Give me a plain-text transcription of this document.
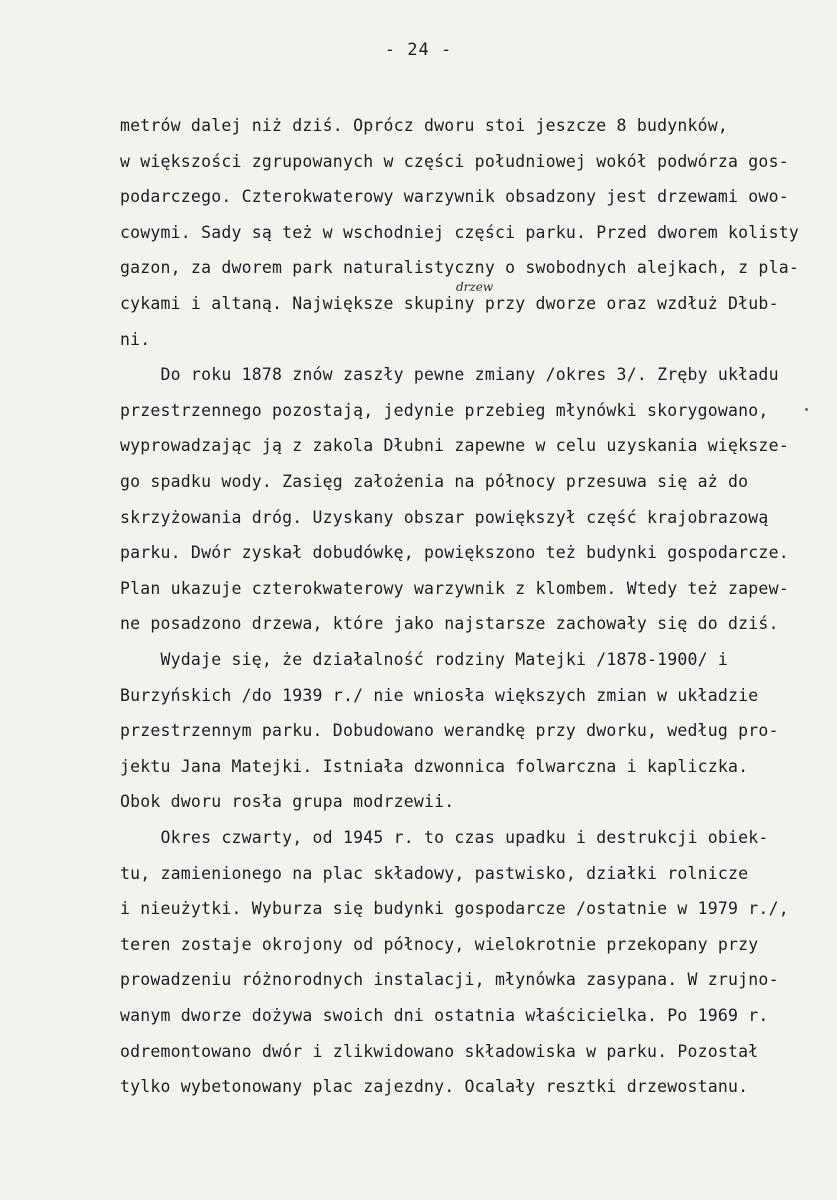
- 24 -
drzew
metrów dalej niż dziś. Oprócz dworu stoi jeszcze 8 budynków,
w większości zgrupowanych w części południowej wokół podwórza gos-
podarczego. Czterokwaterowy warzywnik obsadzony jest drzewami owo-
cowymi. Sady są też w wschodniej części parku. Przed dworem kolisty
gazon, za dworem park naturalistyczny o swobodnych alejkach, z pla-
cykami i altaną. Największe skupiny przy dworze oraz wzdłuż Dłub-
ni.
Do roku 1878 znów zaszły pewne zmiany /okres 3/. Zręby układu
przestrzennego pozostają, jedynie przebieg młynówki skorygowano,
wyprowadzając ją z zakola Dłubni zapewne w celu uzyskania większe-
go spadku wody. Zasięg założenia na północy przesuwa się aż do
skrzyżowania dróg. Uzyskany obszar powiększył część krajobrazową
parku. Dwór zyskał dobudówkę, powiększono też budynki gospodarcze.
Plan ukazuje czterokwaterowy warzywnik z klombem. Wtedy też zapew-
ne posadzono drzewa, które jako najstarsze zachowały się do dziś.
Wydaje się, że działalność rodziny Matejki /1878-1900/ i
Burzyńskich /do 1939 r./ nie wniosła większych zmian w układzie
przestrzennym parku. Dobudowano werandkę przy dworku, według pro-
jektu Jana Matejki. Istniała dzwonnica folwarczna i kapliczka.
Obok dworu rosła grupa modrzewii.
Okres czwarty, od 1945 r. to czas upadku i destrukcji obiek-
tu, zamienionego na plac składowy, pastwisko, działki rolnicze
i nieużytki. Wyburza się budynki gospodarcze /ostatnie w 1979 r./,
teren zostaje okrojony od północy, wielokrotnie przekopany przy
prowadzeniu różnorodnych instalacji, młynówka zasypana. W zrujno-
wanym dworze dożywa swoich dni ostatnia właścicielka. Po 1969 r.
odremontowano dwór i zlikwidowano składowiska w parku. Pozostał
tylko wybetonowany plac zajezdny. Ocalały resztki drzewostanu.
